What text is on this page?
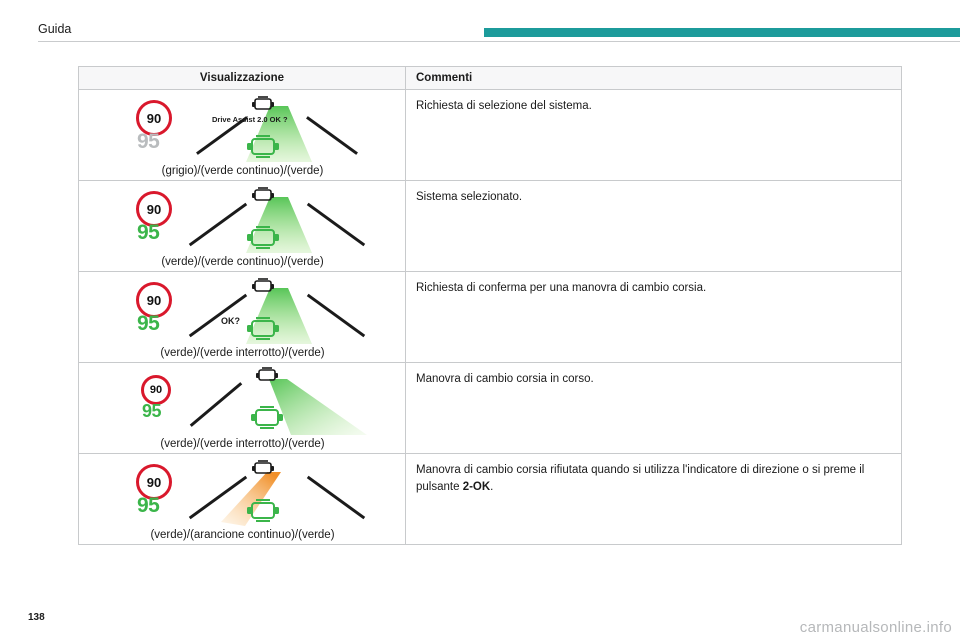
Guida
Visualizzazione	Commenti
90
95
Drive Assist 2.0 OK ?
(grigio)/(verde continuo)/(verde)
Richiesta di selezione del sistema.
90
95
(verde)/(verde continuo)/(verde)
Sistema selezionato.
90
95	OK?
(verde)/(verde interrotto)/(verde)
Richiesta di conferma per una manovra di cambio corsia.
90
95
(verde)/(verde interrotto)/(verde)
Manovra di cambio corsia in corso.
90
95
(verde)/(arancione continuo)/(verde)
Manovra di cambio corsia rifiutata quando si utilizza l'indicatore di direzione o si preme il pulsante 2-OK.
138
carmanualsonline.info
